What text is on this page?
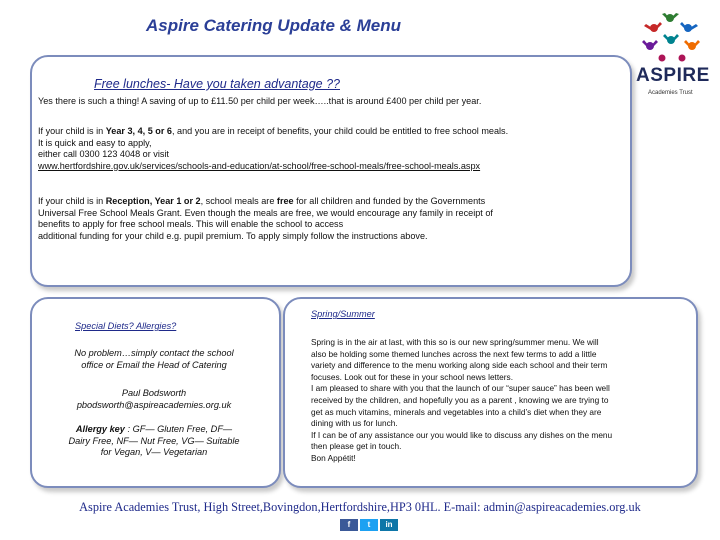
Aspire Catering Update & Menu
ASPIRE
Academies Trust
Free lunches- Have you taken advantage ??
Yes there is such a thing! A saving of up to £11.50 per child per week…..that is around £400 per child per year.
If your child is in Year 3, 4, 5 or 6, and you are in receipt of benefits, your child could be entitled to free school meals.
It is quick and easy to apply,
either call 0300 123 4048 or visit
www.hertfordshire.gov.uk/services/schools-and-education/at-school/free-school-meals/free-school-meals.aspx
If your child is in Reception, Year 1 or 2, school meals are free for all children and funded by the Governments
Universal Free School Meals Grant. Even though the meals are free, we would encourage any family in receipt of
benefits to apply for free school meals. This will enable the school to access
additional funding for your child e.g. pupil premium. To apply simply follow the instructions above.
Special Diets? Allergies?
No problem…simply contact the school
office or Email the Head of Catering
Paul Bodsworth
pbodsworth@aspireacademies.org.uk
Allergy key : GF— Gluten Free, DF—
Dairy Free, NF— Nut Free, VG— Suitable
for Vegan, V— Vegetarian
Spring/Summer
Spring is in the air at last, with this so is our new spring/summer menu. We will
also be holding some themed lunches across the next few terms to add a little
variety and difference to the menu working along side each school and their term
focuses. Look out for these in your school news letters.
I am pleased to share with you that the launch of our “super sauce” has been well
received by the children, and hopefully you as a parent , knowing we are trying to
get as much vitamins, minerals and vegetables into a child’s diet when they are
dining with us for lunch.
If I can be of any assistance our you would like to discuss any dishes on the menu
then please get in touch.
Bon Appétit!
Aspire Academies Trust, High Street,Bovingdon,Hertfordshire,HP3 0HL. E-mail: admin@aspireacademies.org.uk
f	t	in
